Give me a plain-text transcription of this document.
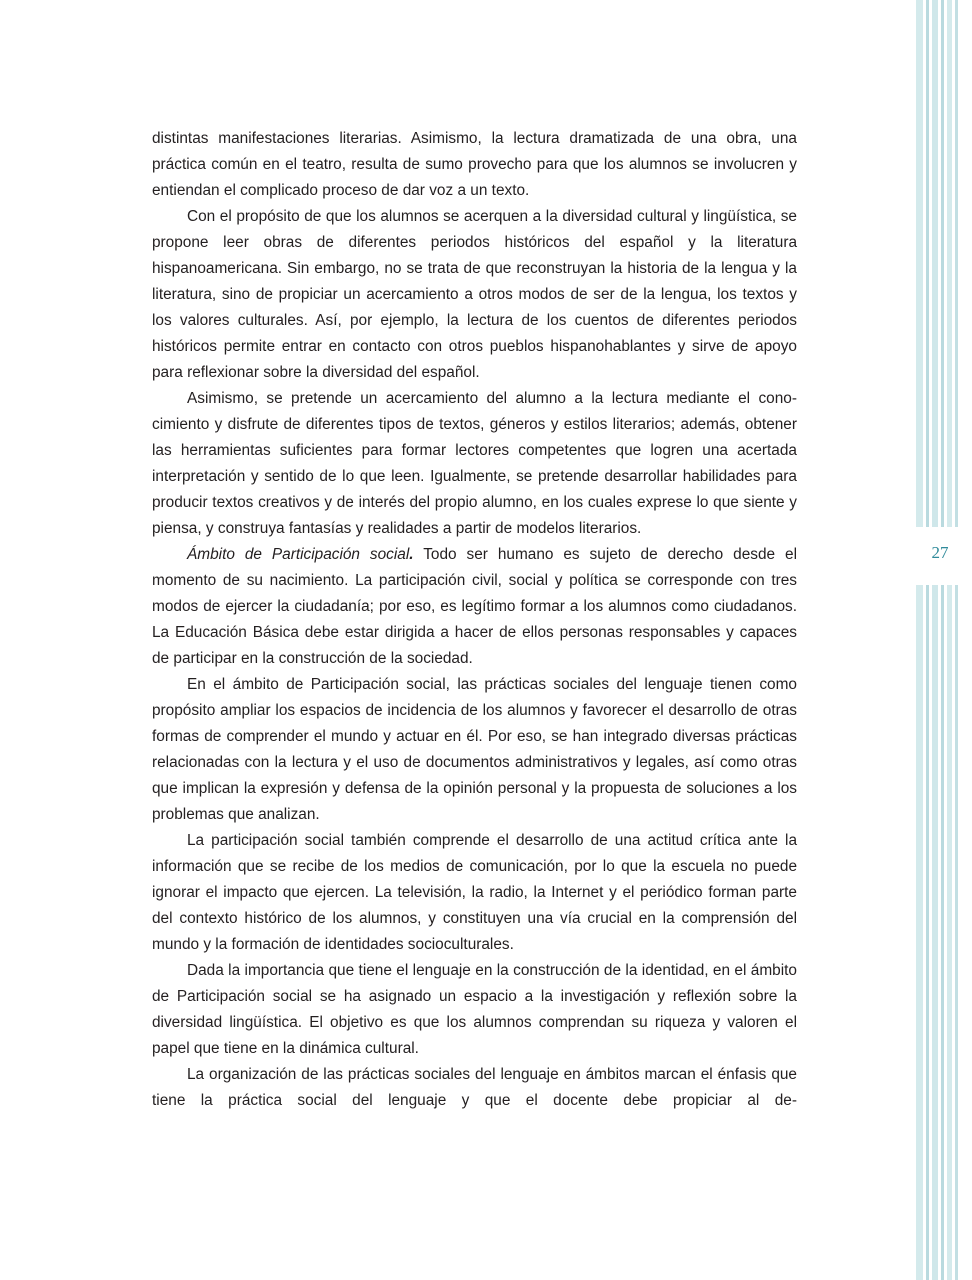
distintas manifestaciones literarias. Asimismo, la lectura dramatizada de una obra, una práctica común en el teatro, resulta de sumo provecho para que los alumnos se involucren y entiendan el complicado proceso de dar voz a un texto.

Con el propósito de que los alumnos se acerquen a la diversidad cultural y lingüística, se propone leer obras de diferentes periodos históricos del español y la literatura hispanoamericana. Sin embargo, no se trata de que reconstruyan la historia de la lengua y la literatura, sino de propiciar un acercamiento a otros modos de ser de la lengua, los textos y los valores culturales. Así, por ejemplo, la lectura de los cuentos de diferentes periodos históricos permite entrar en contacto con otros pueblos hispanohablantes y sirve de apoyo para reflexionar sobre la diversidad del español.

Asimismo, se pretende un acercamiento del alumno a la lectura mediante el conocimiento y disfrute de diferentes tipos de textos, géneros y estilos literarios; además, obtener las herramientas suficientes para formar lectores competentes que logren una acertada interpretación y sentido de lo que leen. Igualmente, se pretende desarrollar habilidades para producir textos creativos y de interés del propio alumno, en los cuales exprese lo que siente y piensa, y construya fantasías y realidades a partir de modelos literarios.

Ámbito de Participación social. Todo ser humano es sujeto de derecho desde el momento de su nacimiento. La participación civil, social y política se corresponde con tres modos de ejercer la ciudadanía; por eso, es legítimo formar a los alumnos como ciudadanos. La Educación Básica debe estar dirigida a hacer de ellos personas responsables y capaces de participar en la construcción de la sociedad.

En el ámbito de Participación social, las prácticas sociales del lenguaje tienen como propósito ampliar los espacios de incidencia de los alumnos y favorecer el desarrollo de otras formas de comprender el mundo y actuar en él. Por eso, se han integrado diversas prácticas relacionadas con la lectura y el uso de documentos administrativos y legales, así como otras que implican la expresión y defensa de la opinión personal y la propuesta de soluciones a los problemas que analizan.

La participación social también comprende el desarrollo de una actitud crítica ante la información que se recibe de los medios de comunicación, por lo que la escuela no puede ignorar el impacto que ejercen. La televisión, la radio, la Internet y el periódico forman parte del contexto histórico de los alumnos, y constituyen una vía crucial en la comprensión del mundo y la formación de identidades socioculturales.

Dada la importancia que tiene el lenguaje en la construcción de la identidad, en el ámbito de Participación social se ha asignado un espacio a la investigación y reflexión sobre la diversidad lingüística. El objetivo es que los alumnos comprendan su riqueza y valoren el papel que tiene en la dinámica cultural.

La organización de las prácticas sociales del lenguaje en ámbitos marcan el énfasis que tiene la práctica social del lenguaje y que el docente debe propiciar al de-

27
